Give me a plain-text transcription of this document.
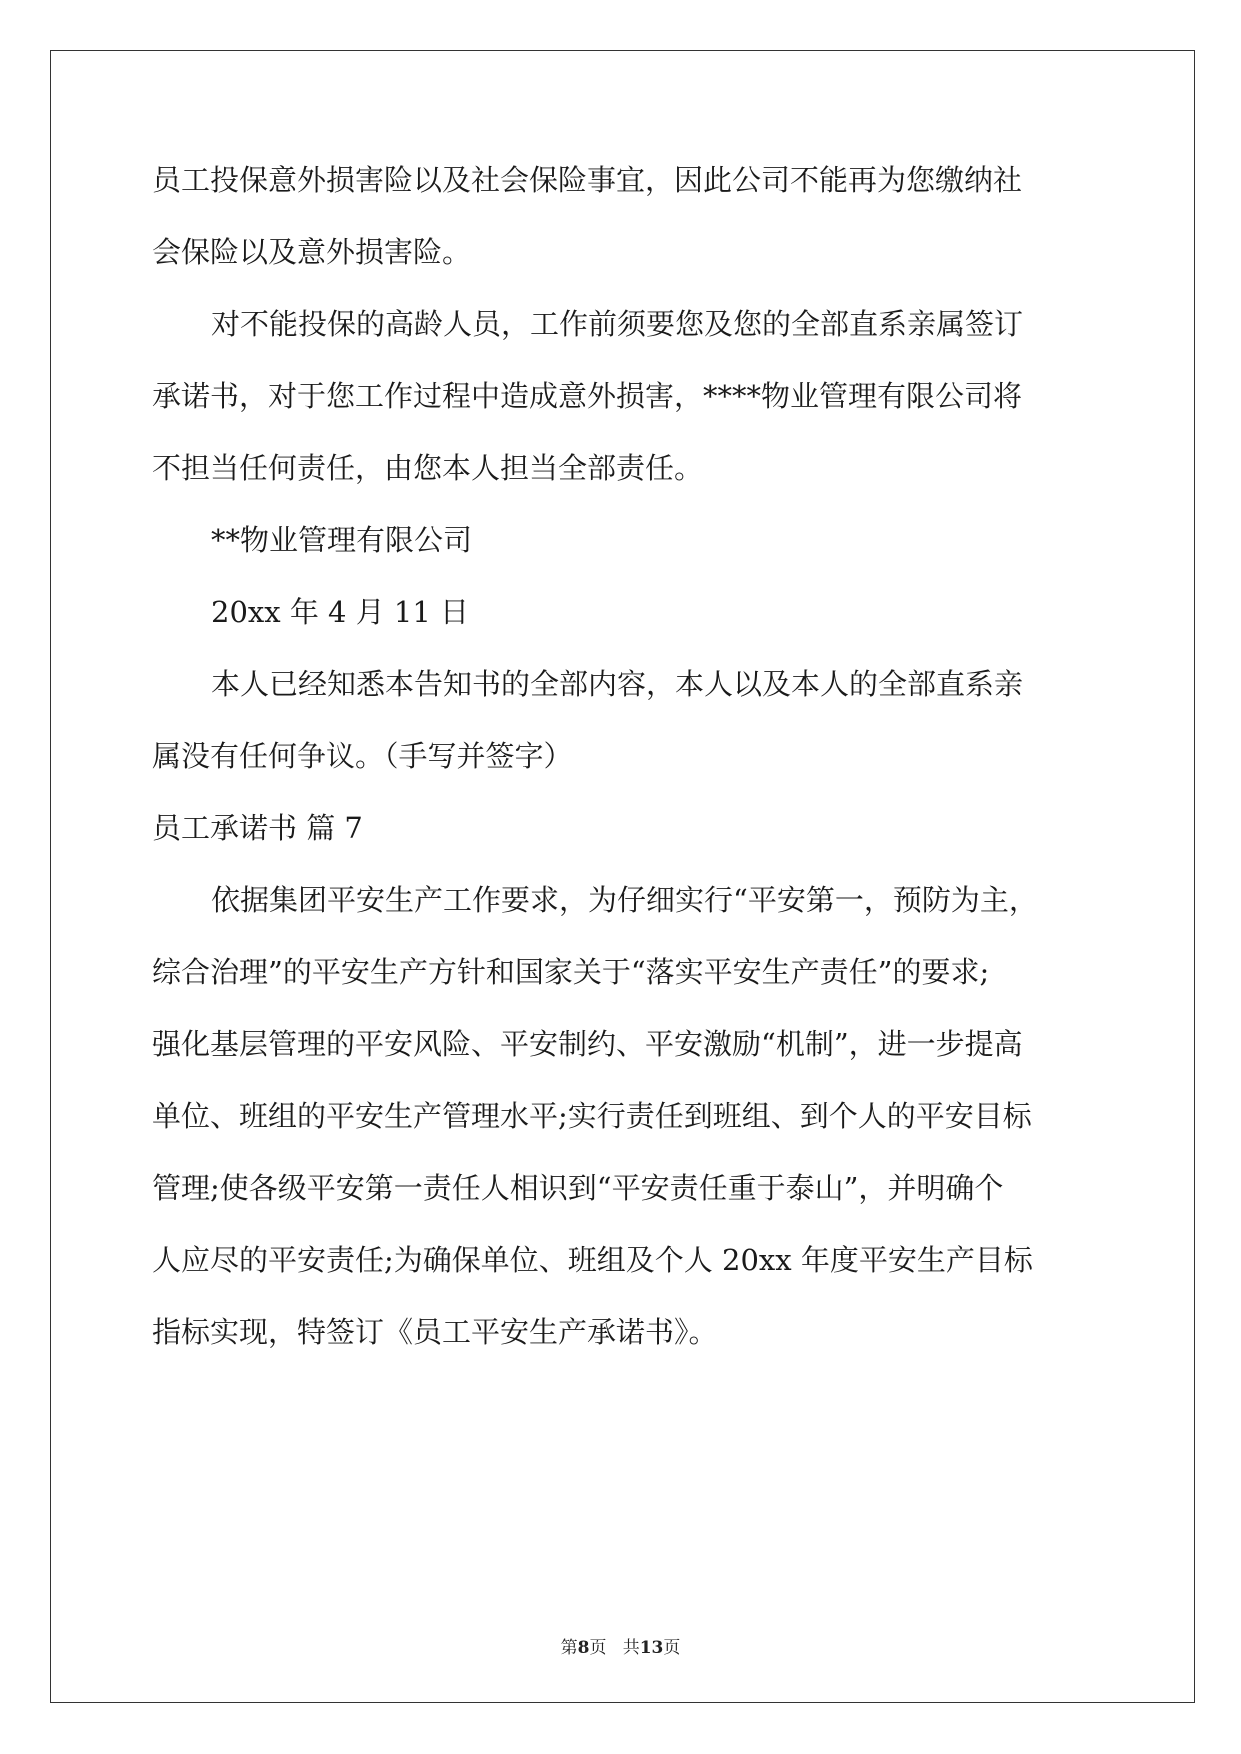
员工投保意外损害险以及社会保险事宜，因此公司不能再为您缴纳社
会保险以及意外损害险。
对不能投保的高龄人员，工作前须要您及您的全部直系亲属签订
承诺书，对于您工作过程中造成意外损害，****物业管理有限公司将
不担当任何责任，由您本人担当全部责任。
**物业管理有限公司
20xx 年 4 月 11 日
本人已经知悉本告知书的全部内容，本人以及本人的全部直系亲
属没有任何争议。（手写并签字）
员工承诺书 篇 7
依据集团平安生产工作要求，为仔细实行“平安第一，预防为主，
综合治理”的平安生产方针和国家关于“落实平安生产责任”的要求;
强化基层管理的平安风险、平安制约、平安激励“机制”，进一步提高
单位、班组的平安生产管理水平;实行责任到班组、到个人的平安目标
管理;使各级平安第一责任人相识到“平安责任重于泰山”，并明确个
人应尽的平安责任;为确保单位、班组及个人 20xx 年度平安生产目标
指标实现，特签订《员工平安生产承诺书》。
第8页 共13页
